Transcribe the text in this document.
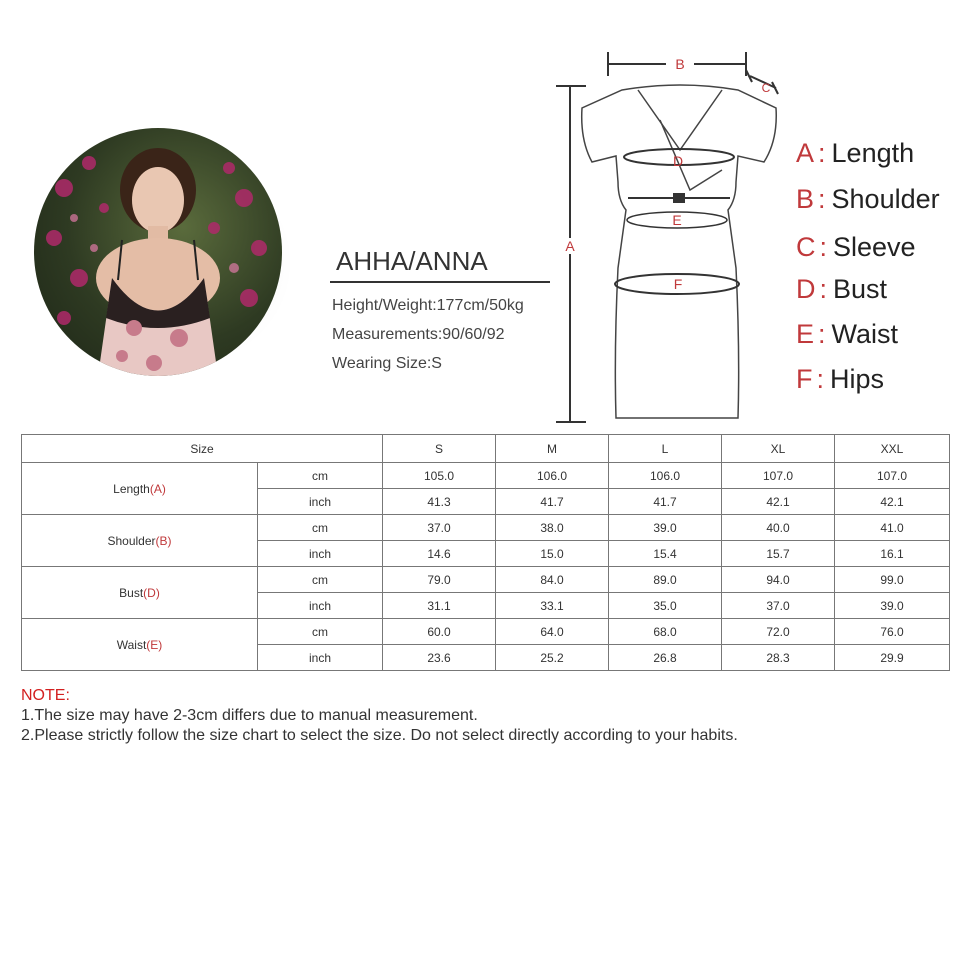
AHHA/ANNA
Height/Weight:177cm/50kg
Measurements:90/60/92
Wearing Size:S
B
A
C
D
E
F
A : Length
B : Shoulder
C : Sleeve
D : Bust
E : Waist
F : Hips
Size		S	M	L	XL	XXL
Length(A)	cm	105.0	106.0	106.0	107.0	107.0
	inch	41.3	41.7	41.7	42.1	42.1
Shoulder(B)	cm	37.0	38.0	39.0	40.0	41.0
	inch	14.6	15.0	15.4	15.7	16.1
Bust(D)	cm	79.0	84.0	89.0	94.0	99.0
	inch	31.1	33.1	35.0	37.0	39.0
Waist(E)	cm	60.0	64.0	68.0	72.0	76.0
	inch	23.6	25.2	26.8	28.3	29.9
NOTE:
1.The size may have 2-3cm differs due to manual measurement.
2.Please strictly follow the size chart to select the size. Do not select directly according to your habits.
